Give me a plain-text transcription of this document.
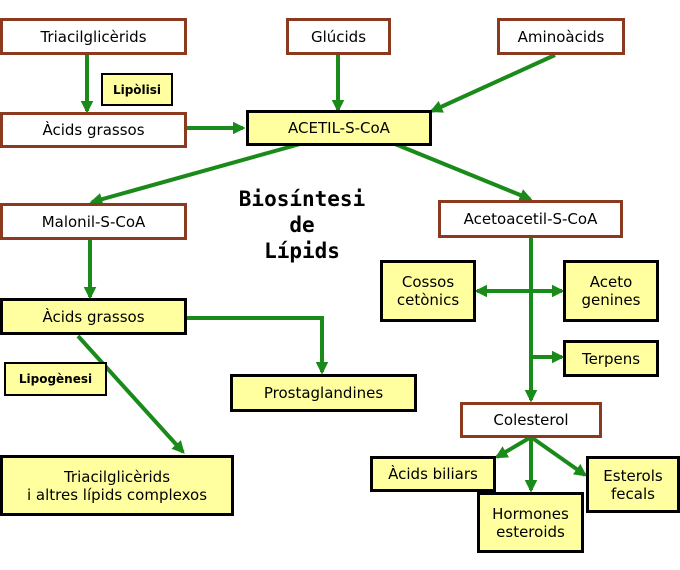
Biosíntesi
de
Lípids
Triacilglicèrids	Glúcids	Aminoàcids
Lipòlisi
Àcids grassos	ACETIL-S-CoA
Malonil-S-CoA	Acetoacetil-S-CoA
Cossos
cetònics
Aceto
genines
Àcids grassos
Terpens
Lipogènesi
Prostaglandines
Colesterol
Àcids biliars	Esterols
fecals
Hormones
esteroids
Triacilglicèrids
i altres lípids complexos
